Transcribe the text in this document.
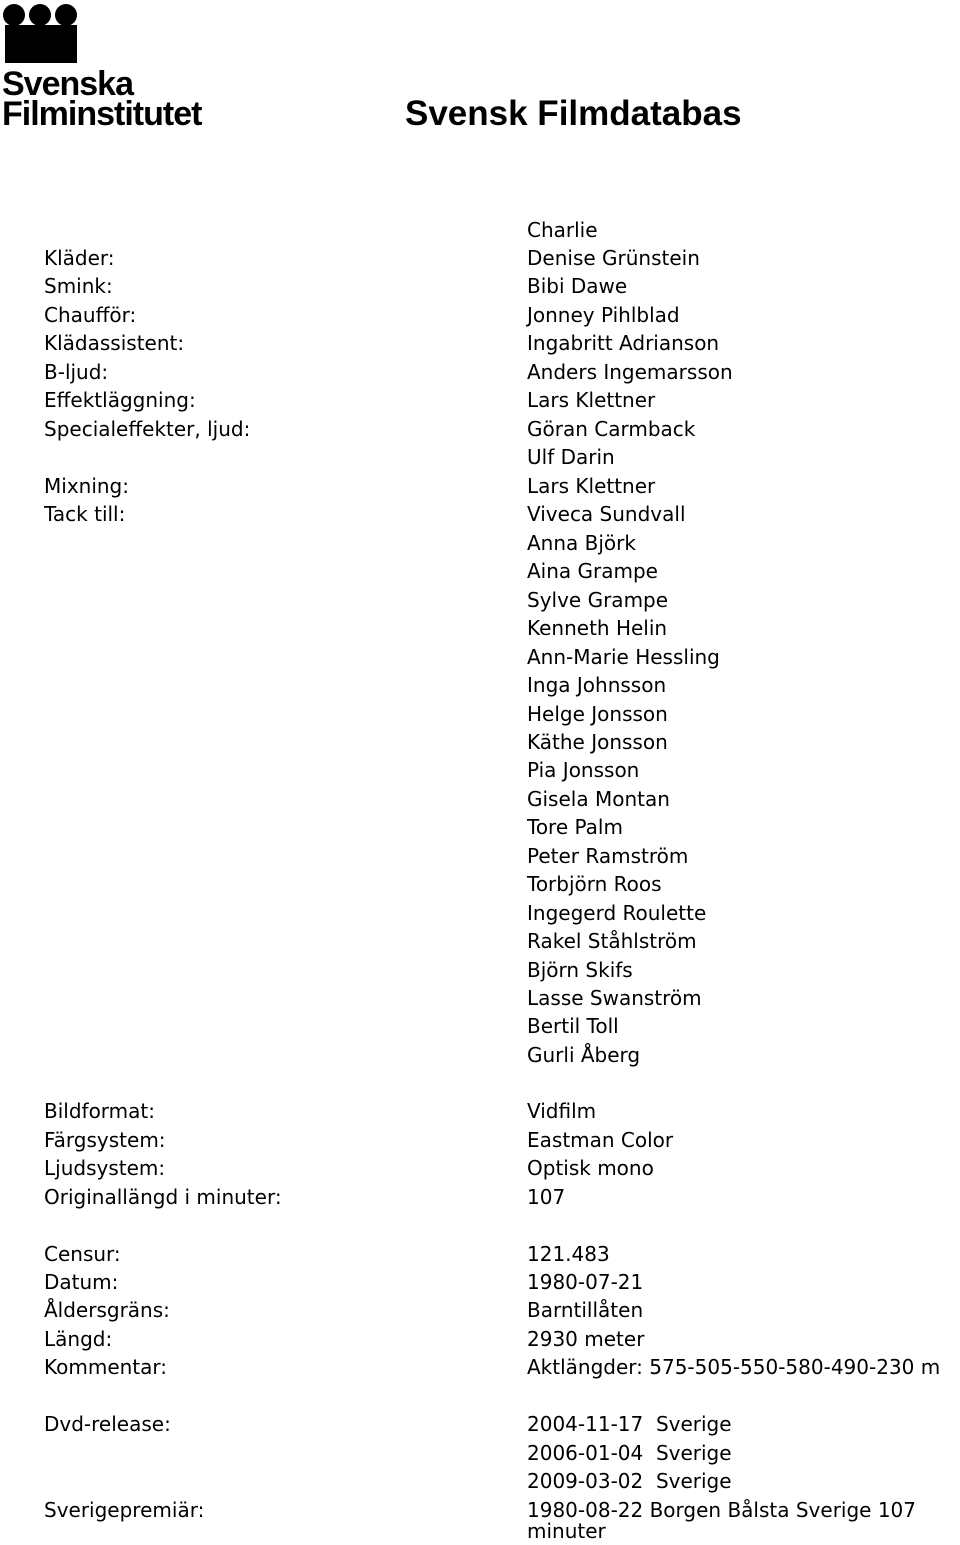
Svenska
Filminstitutet	Svensk Filmdatabas
Kläder:
Smink:
Chaufför:
Klädassistent:
B-ljud:
Effektläggning:
Specialeffekter, ljud:
Mixning:
Tack till:
Bildformat:
Färgsystem:
Ljudsystem:
Originallängd i minuter:
Censur:
Datum:
Åldersgräns:
Längd:
Kommentar:
Dvd-release:
Sverigepremiär:
Charlie
Denise Grünstein
Bibi Dawe
Jonney Pihlblad
Ingabritt Adrianson
Anders Ingemarsson
Lars Klettner
Göran Carmback
Ulf Darin
Lars Klettner
Viveca Sundvall
Anna Björk
Aina Grampe
Sylve Grampe
Kenneth Helin
Ann-Marie Hessling
Inga Johnsson
Helge Jonsson
Käthe Jonsson
Pia Jonsson
Gisela Montan
Tore Palm
Peter Ramström
Torbjörn Roos
Ingegerd Roulette
Rakel Ståhlström
Björn Skifs
Lasse Swanström
Bertil Toll
Gurli Åberg
Vidfilm
Eastman Color
Optisk mono
107
121.483
1980-07-21
Barntillåten
2930 meter
Aktlängder: 575-505-550-580-490-230 m
2004-11-17  Sverige
2006-01-04  Sverige
2009-03-02  Sverige
1980-08-22 Borgen Bålsta Sverige 107
minuter
